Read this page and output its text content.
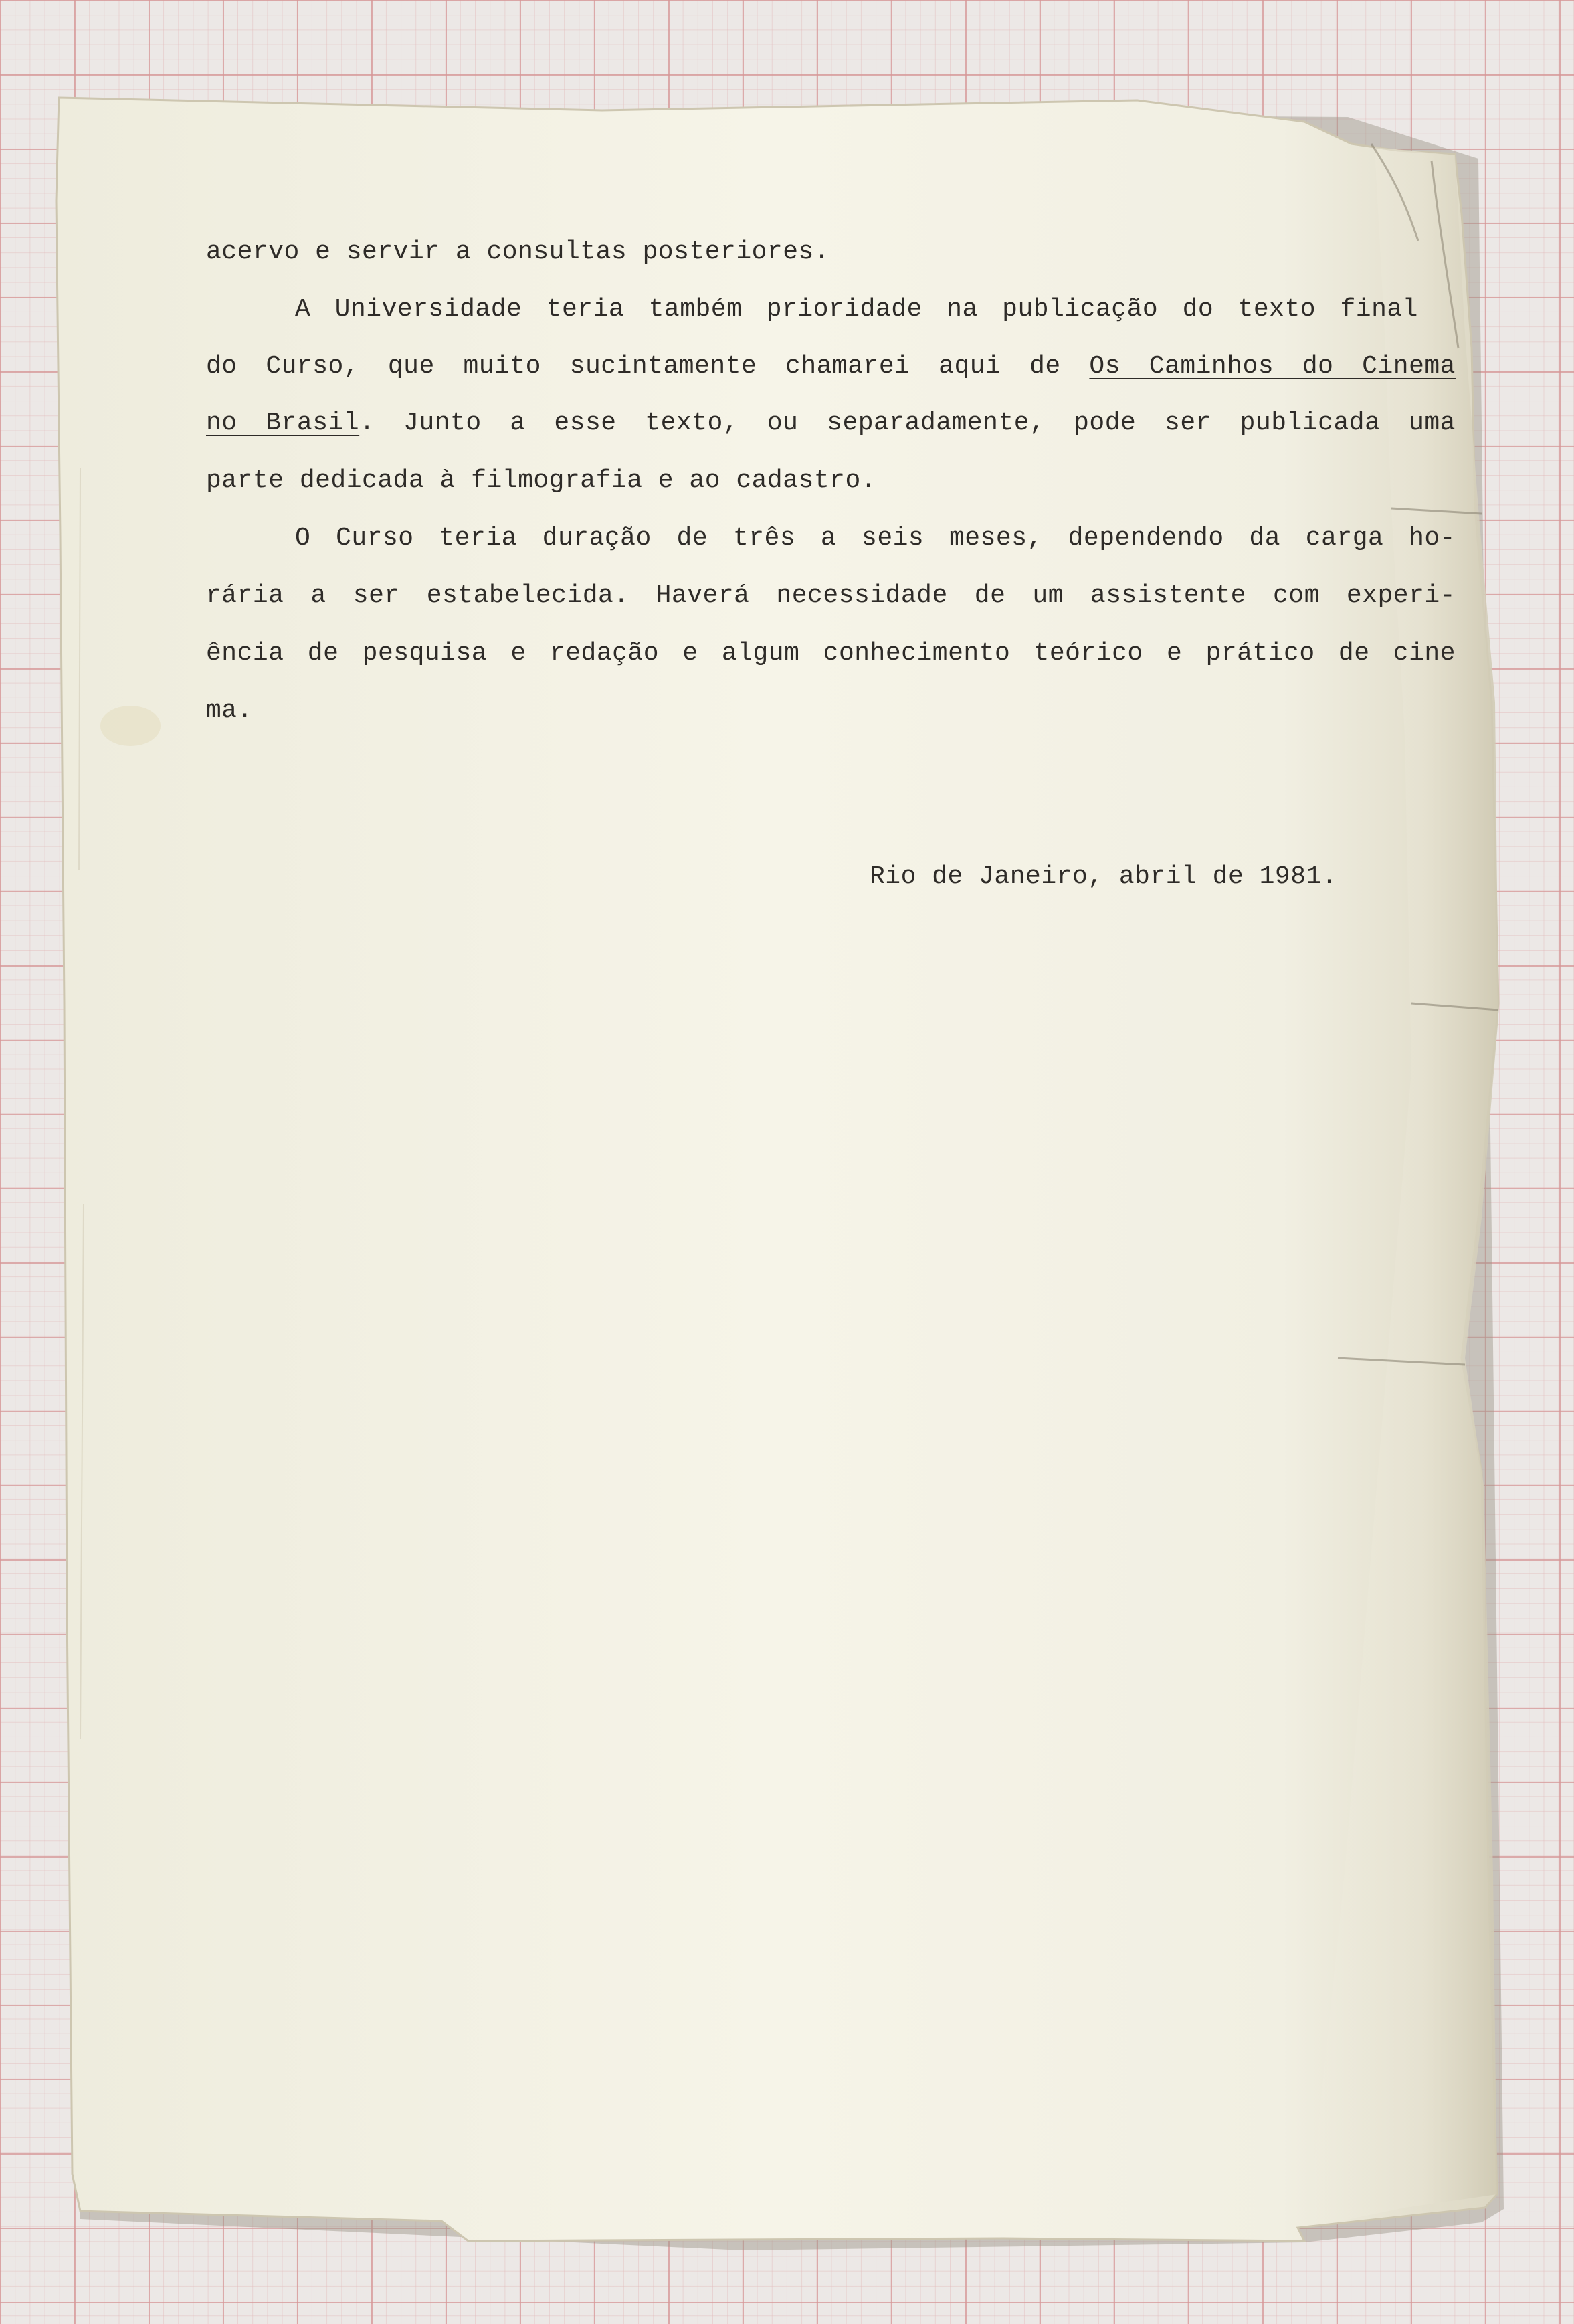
acervo e servir a consultas posteriores.
A Universidade teria também prioridade na publicação do texto final
do Curso, que muito sucintamente chamarei aqui de Os Caminhos do Cinema
no Brasil. Junto a esse texto, ou separadamente, pode ser publicada uma
parte dedicada à filmografia e ao cadastro.
O Curso teria duração de três a seis meses, dependendo da carga ho-
rária a ser estabelecida. Haverá necessidade de um assistente com experi-
ência de pesquisa e redação e algum conhecimento teórico e prático de cine
ma.
Rio de Janeiro, abril de 1981.
